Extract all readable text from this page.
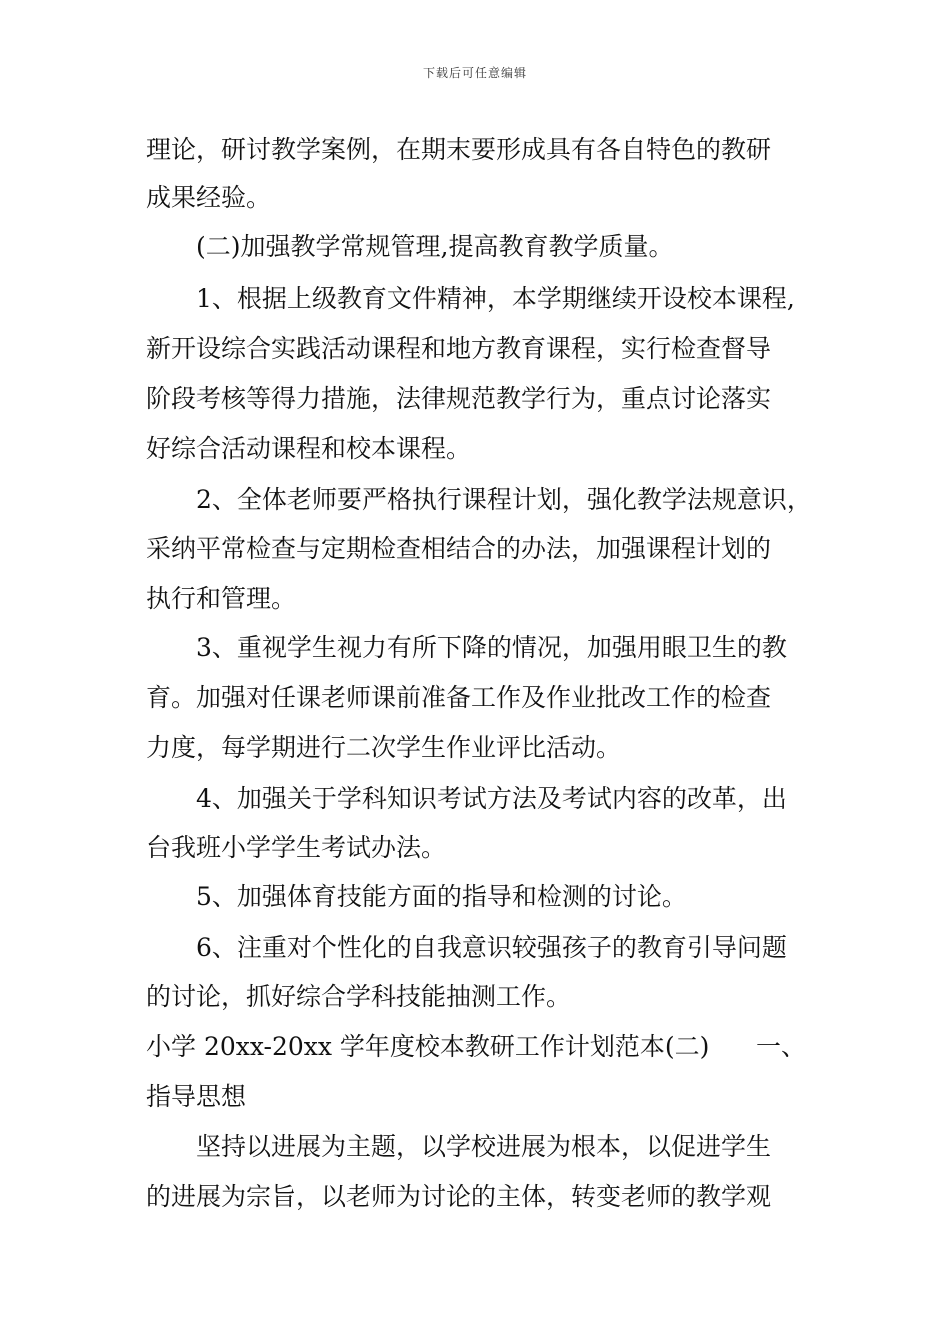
下载后可任意编辑
理论，研讨教学案例，在期末要形成具有各自特色的教研
成果经验。
(二)加强教学常规管理,提高教育教学质量。
1、根据上级教育文件精神，本学期继续开设校本课程,
新开设综合实践活动课程和地方教育课程，实行检查督导
阶段考核等得力措施，法律规范教学行为，重点讨论落实
好综合活动课程和校本课程。
2、全体老师要严格执行课程计划，强化教学法规意识，
采纳平常检查与定期检查相结合的办法，加强课程计划的
执行和管理。
3、重视学生视力有所下降的情况，加强用眼卫生的教
育。加强对任课老师课前准备工作及作业批改工作的检查
力度，每学期进行二次学生作业评比活动。
4、加强关于学科知识考试方法及考试内容的改革，出
台我班小学学生考试办法。
5、加强体育技能方面的指导和检测的讨论。
6、注重对个性化的自我意识较强孩子的教育引导问题
的讨论，抓好综合学科技能抽测工作。
小学 20xx-20xx 学年度校本教研工作计划范本(二) 一、
指导思想
坚持以进展为主题，以学校进展为根本，以促进学生
的进展为宗旨，以老师为讨论的主体，转变老师的教学观
